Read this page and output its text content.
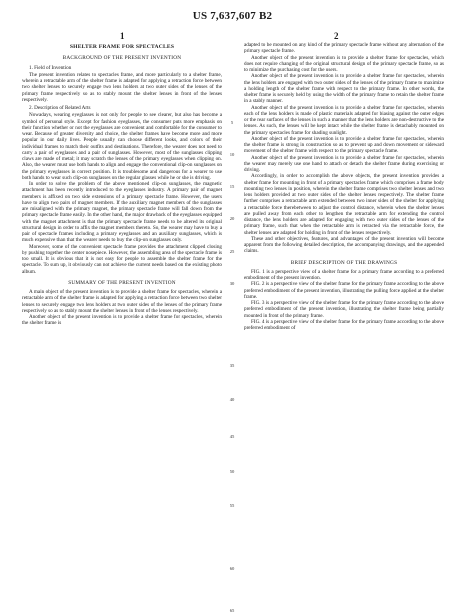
US 7,637,607 B2
1	2

SHELTER FRAME FOR SPECTACLES

BACKGROUND OF THE PRESENT INVENTION

1. Field of Invention

The present invention relates to spectacles frame, and more particularly to a shelter frame, wherein a retractable arm of the shelter frame is adapted for applying a retraction force between two shelter lenses to securely engage two lens holders at two outer sides of the lenses of the primary frame respectively so as to stably mount the shelter lenses in front of the lenses respectively.

2. Description of Related Arts

Nowadays, wearing eyeglasses is not only for people to see clearer, but also has become a symbol of personal style. Except for fashion eyeglasses, the consumer puts more emphasis on their function whether or not the eyeglasses are convenient and comfortable for the consumer to wear. Because of greater diversity and choice, the shelter frames have become more and more popular in our daily lives. People usually can choose different looks, and colors of their individual frames to match their outfits and destinations. Therefore, the wearer does not need to carry a pair of eyeglasses and a pair of sunglasses. However, most of the sunglasses clipping claws are made of metal; it may scratch the lenses of the primary eyeglasses when clipping on. Also, the wearer must use both hands to align and engage the conventional clip-on sunglasses on the primary eyeglasses in correct position. It is troublesome and dangerous for a wearer to use both hands to wear such clip-on sunglasses on the regular glasses while he or she is driving.

In order to solve the problem of the above mentioned clip-on sunglasses, the magnetic attachment has been recently introduced to the eyeglasses industry. A primary pair of magnet members is affixed on two side extensions of a primary spectacle frame. However, the users have to align two pairs of magnet members. If the auxiliary magnet members of the sunglasses are misaligned with the primary magnet, the primary spectacle frame will fall down from the primary spectacle frame easily. In the other hand, the major drawback of the eyeglasses equipped with the magnet attachment is that the primary spectacle frame needs to be altered its original structural design in order to affix the magnet members thereto. So, the wearer may have to buy a pair of spectacle frames including a primary eyeglasses and an auxiliary sunglasses, which is much expensive than that the wearer needs to buy the clip-on sunglasses only.

Moreover, some of the convenient spectacle frame provides the attachment clipped closing by pushing together the center nosepiece. However, the assembling area of the spectacle frame is too small. It is obvious that it is not easy for people to assemble the shelter frame for the spectacle. To sum up, it obviously can not achieve the current needs based on the existing photo album.

SUMMARY OF THE PRESENT INVENTION

A main object of the present invention is to provide a shelter frame for spectacles, wherein a retractable arm of the shelter frame is adapted for applying a retraction force between two shelter lenses to securely engage two lens holders at two outer sides of the lenses of the primary frame respectively so as to stably mount the shelter lenses in front of the lenses respectively.

Another object of the present invention is to provide a shelter frame for spectacles, wherein the shelter frame is

5
10
15
20
25
30
35
40
45
50
55
60
65

adapted to be mounted on any kind of the primary spectacle frame without any alternation of the primary spectacle frame.

Another object of the present invention is to provide a shelter frame for spectacles, which does not require changing of the original structural design of the primary spectacle frame, so as to minimize the purchasing cost for the users.

Another object of the present invention is to provide a shelter frame for spectacles, wherein the lens holders are engaged with two outer sides of the lenses of the primary frame to maximize a holding length of the shelter frame with respect to the primary frame. In other words, the shelter frame is securely held by using the width of the primary frame to retain the shelter frame in a stably manner.

Another object of the present invention is to provide a shelter frame for spectacles, wherein each of the lens holders is made of plastic materials adapted for biasing against the outer edges or the rear surfaces of the lenses in such a manner that the lens holders are non-destructive to the lenses. As such, the lenses will be kept intact while the shelter frame is detachably mounted on the primary spectacles frame for shading sunlight.

Another object of the present invention is to provide a shelter frame for spectacles, wherein the shelter frame is strong in construction so as to prevent up and down movement or sideward movement of the shelter frame with respect to the primary spectacle frame.

Another object of the present invention is to provide a shelter frame for spectacles, wherein the wearer may merely use one hand to attach or detach the shelter frame during exercising or driving.

Accordingly, in order to accomplish the above objects, the present invention provides a shelter frame for mounting in front of a primary spectacles frame which comprises a frame body mounting two lenses in position, wherein the shelter frame comprises two shelter lenses and two lens holders provided at two outer sides of the shelter lenses respectively. The shelter frame further comprises a retractable arm extended between two inner sides of the shelter for applying a retractable force therebetween to adjust the control distance, wherein when the shelter lenses are pulled away from each other to lengthen the retractable arm for extending the control distance, the lens holders are adapted for engaging with two outer sides of the lenses of the primary frame, such that when the retractable arm is retracted via the retractable force, the shelter lenses are adapted for holding in front of the lenses respectively.

These and other objectives, features, and advantages of the present invention will become apparent from the following detailed description, the accompanying drawings, and the appended claims.

BRIEF DESCRIPTION OF THE DRAWINGS

FIG. 1 is a perspective view of a shelter frame for a primary frame according to a preferred embodiment of the present invention.

FIG. 2 is a perspective view of the shelter frame for the primary frame according to the above preferred embodiment of the present invention, illustrating the pulling force applied at the shelter frame.

FIG. 3 is a perspective view of the shelter frame for the primary frame according to the above preferred embodiment of the present invention, illustrating the shelter frame being partially mounted in front of the primary frame.

FIG. 4 is a perspective view of the shelter frame for the primary frame according to the above preferred embodiment of
